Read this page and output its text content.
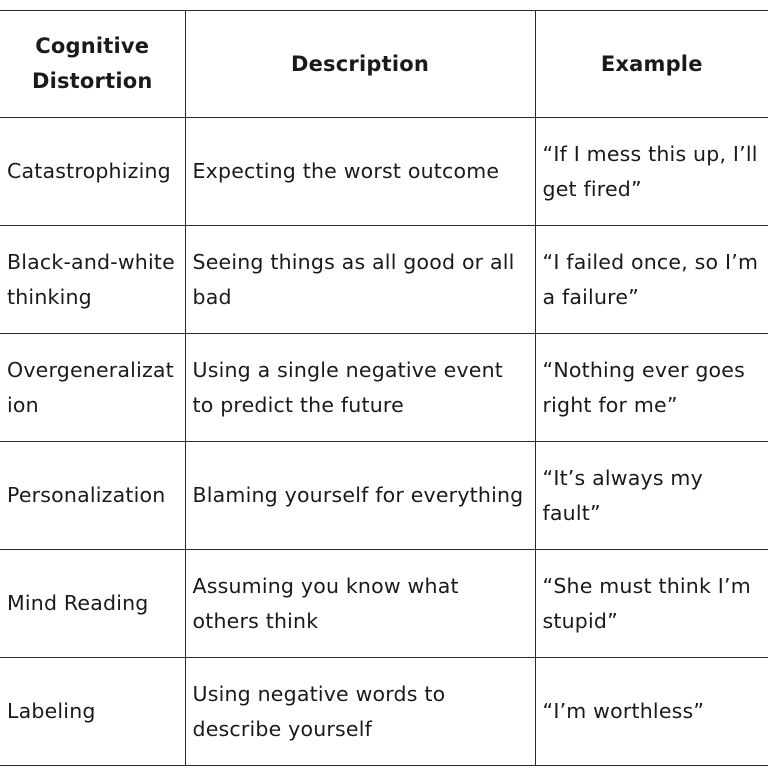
Cognitive Distortion	Description	Example
Catastrophizing	Expecting the worst outcome	“If I mess this up, I’ll get fired”
Black-and-white thinking	Seeing things as all good or all bad	“I failed once, so I’m a failure”
Overgeneralization	Using a single negative event to predict the future	“Nothing ever goes right for me”
Personalization	Blaming yourself for everything	“It’s always my fault”
Mind Reading	Assuming you know what others think	“She must think I’m stupid”
Labeling	Using negative words to describe yourself	“I’m worthless”
